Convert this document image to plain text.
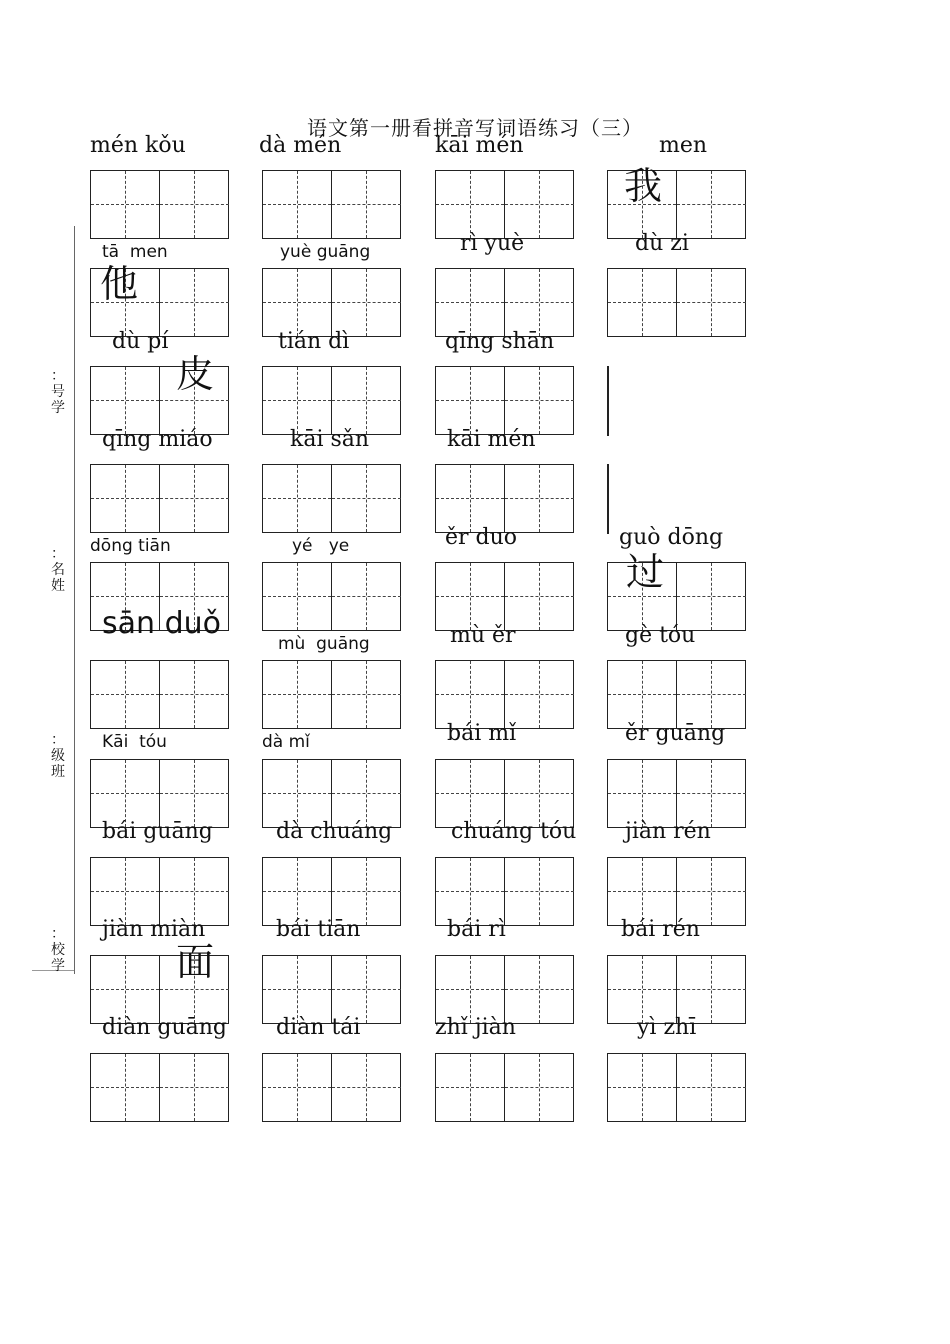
语文第一册看拼音写词语练习（三）
：号学
：名姓
：级班
：校学
mén kǒu	dà mén	kāi mén	men
我
tā  men
他
yuè guāng	rì yuè	dù zi
dù pí
皮
tián dì	qīng shān
qīng miáo	kāi sǎn	kāi mén
dōng tiān	yé   ye	ěr duo	guò dōng
过
sān duǒ
mù  guāng	mù ěr	gè tóu
Kāi  tóu	dà mǐ	bái mǐ	ěr guāng
bái guāng	dà chuáng	chuáng tóu jiàn rén
jiàn miàn
面
bái tiān	bái rì	bái rén
diàn guāng diàn tái	zhǐ jiàn	yì zhī
